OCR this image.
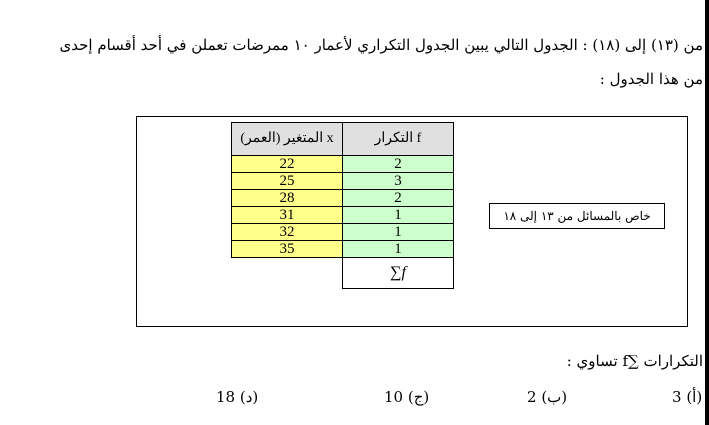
من (١٣) إلى (١٨) : الجدول التالي يبين الجدول التكراري لأعمار ١٠ ممرضات تعملن في أحد أقسام إحدى
من هذا الجدول :
المتغير (العمر) x	التكرار f
22	2
25	3
28	2
31	1
32	1
35	1
	∑f
خاص بالمسائل من ١٣ إلى ١٨
التكرارات ∑f تساوي :
(أ) 3
(ب) 2
(ج) 10
(د) 18
